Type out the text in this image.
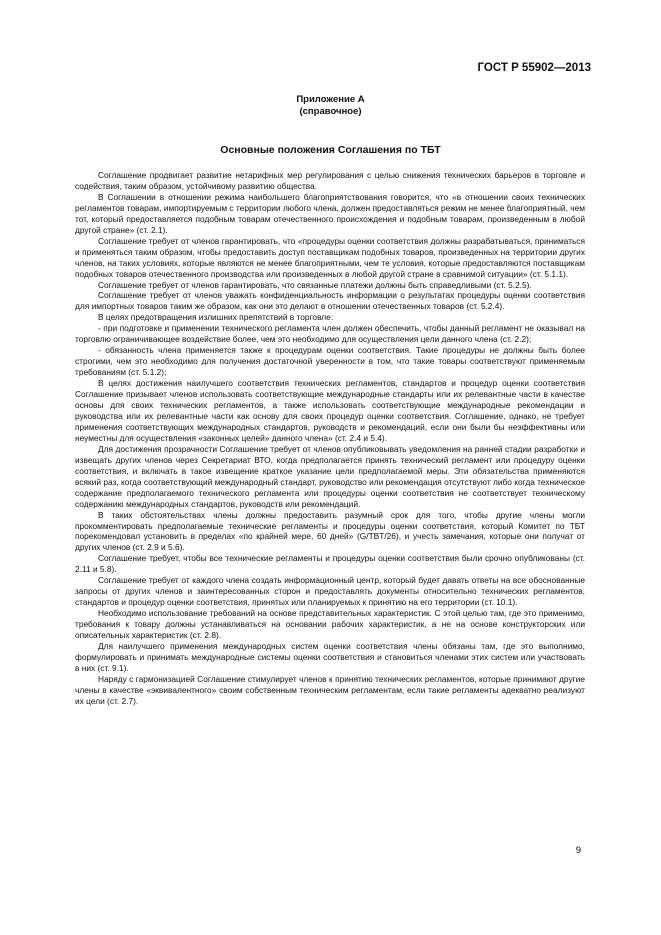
ГОСТ Р 55902—2013
Приложение А
(справочное)
Основные положения Соглашения по ТБТ

Соглашение продвигает развитие нетарифных мер регулирования с целью снижения технических барьеров в торговле и содействия, таким образом, устойчивому развитию общества.

В Соглашении в отношении режима наибольшего благоприятствования говорится, что «в отношении своих технических регламентов товарам, импортируемым с территории любого члена, должен предоставляться режим не менее благоприятный, чем тот, который предоставляется подобным товарам отечественного происхождения и подобным товарам, произведенным в любой другой стране» (ст. 2.1).

Соглашение требует от членов гарантировать, что «процедуры оценки соответствия должны разрабатываться, приниматься и применяться таким образом, чтобы предоставить доступ поставщикам подобных товаров, произведенных на территории других членов, на таких условиях, которые являются не менее благоприятными, чем те условия, которые предоставляются поставщикам подобных товаров отечественного производства или произведенных в любой другой стране в сравнимой ситуации» (ст. 5.1.1).

Соглашение требует от членов гарантировать, что связанные платежи должны быть справедливыми (ст. 5.2.5).

Соглашение требует от членов уважать конфиденциальность информации о результатах процедуры оценки соответствия для импортных товаров таким же образом, как они это делают в отношении отечественных товаров (ст. 5.2.4).

В целях предотвращения излишних препятствий в торговле:

- при подготовке и применении технического регламента член должен обеспечить, чтобы данный регламент не оказывал на торговлю ограничивающее воздействие более, чем это необходимо для осуществления цели данного члена (ст. 2.2);

- обязанность члена применяется также к процедурам оценки соответствия. Такие процедуры не должны быть более строгими, чем это необходимо для получения достаточной уверенности в том, что такие товары соответствуют применяемым требованиям (ст. 5.1.2);

В целях достижения наилучшего соответствия технических регламентов, стандартов и процедур оценки соответствия Соглашение призывает членов использовать соответствующие международные стандарты или их релевантные части в качестве основы для своих технических регламентов, а также использовать соответствующие международные рекомендации и руководства или их релевантные части как основу для своих процедур оценки соответствия. Соглашение, однако, не требует применения соответствующих международных стандартов, руководств и рекомендаций, если они были бы неэффективны или неуместны для осуществления «законных целей» данного члена» (ст. 2.4 и 5.4).

Для достижения прозрачности Соглашение требует от членов опубликовывать уведомления на ранней стадии разработки и извещать других членов через Секретариат ВТО, когда предполагается принять технический регламент или процедуру оценки соответствия, и включать в такое извещение краткое указание цели предполагаемой меры. Эти обязательства применяются всякий раз, когда соответствующий международный стандарт, руководство или рекомендация отсутствуют либо когда техническое содержание предполагаемого технического регламента или процедуры оценки соответствия не соответствует техническому содержанию международных стандартов, руководств или рекомендаций.

В таких обстоятельствах члены должны предоставить разумный срок для того, чтобы другие члены могли прокомментировать предполагаемые технические регламенты и процедуры оценки соответствия, который Комитет по ТБТ порекомендовал установить в пределах «по крайней мере, 60 дней» (G/TBT/26), и учесть замечания, которые они получат от других членов (ст. 2.9 и 5.6).

Соглашение требует, чтобы все технические регламенты и процедуры оценки соответствия были срочно опубликованы (ст. 2.11 и 5.8).

Соглашение требует от каждого члена создать информационный центр, который будет давать ответы на все обоснованные запросы от других членов и заинтересованных сторон и предоставлять документы относительно технических регламентов, стандартов и процедур оценки соответствия, принятых или планируемых к принятию на его территории (ст. 10.1).

Необходимо использование требований на основе представительных характеристик. С этой целью там, где это применимо, требования к товару должны устанавливаться на основании рабочих характеристик, а не на основе конструкторских или описательных характеристик (ст. 2.8).

Для наилучшего применения международных систем оценки соответствия члены обязаны там, где это выполнимо, формулировать и принимать международные системы оценки соответствия и становиться членами этих систем или участвовать в них (ст. 9.1).

Наряду с гармонизацией Соглашение стимулирует членов к принятию технических регламентов, которые принимают другие члены в качестве «эквивалентного» своим собственным техническим регламентам, если такие регламенты адекватно реализуют их цели (ст. 2.7).

9
